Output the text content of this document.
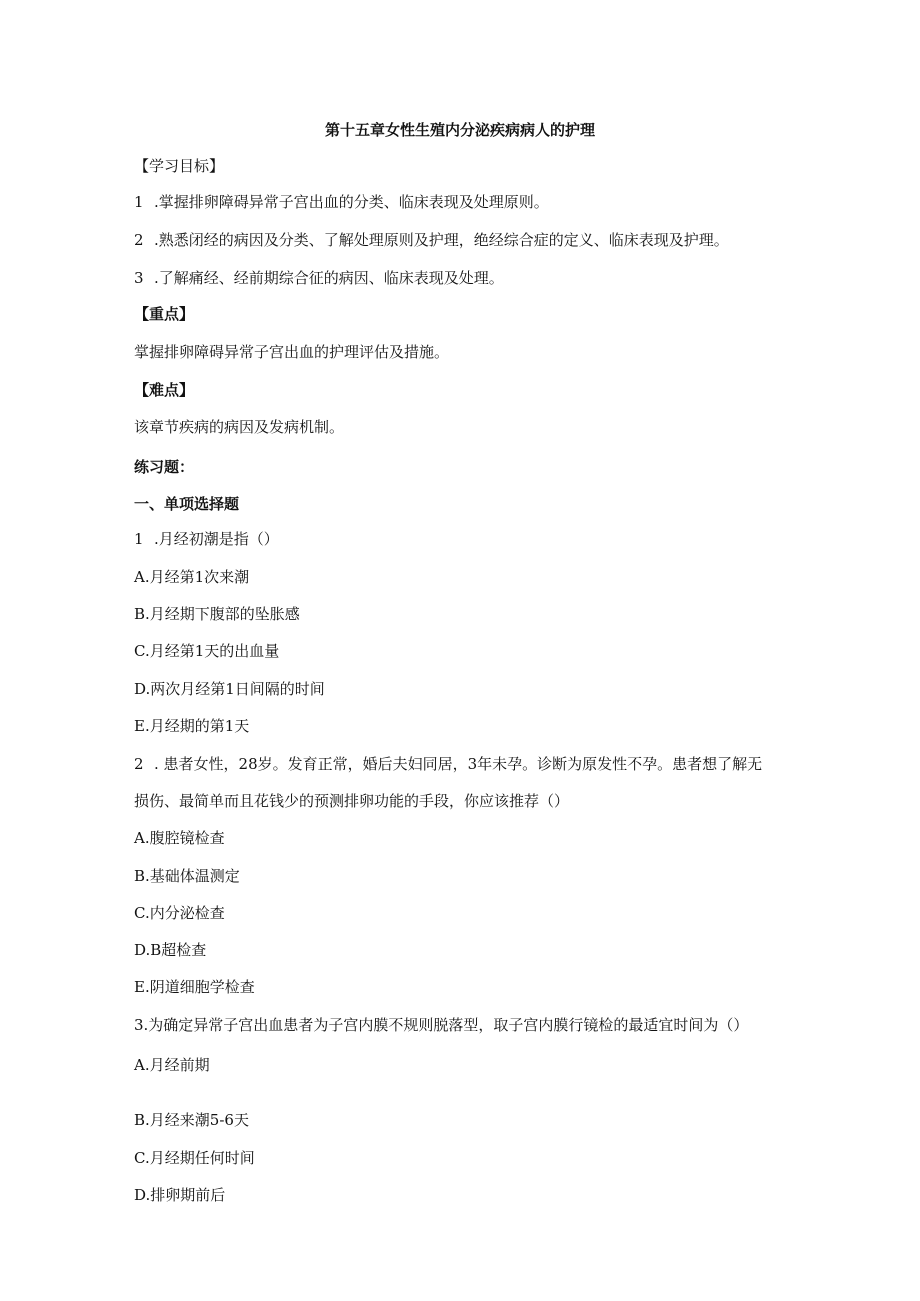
第十五章女性生殖内分泌疾病病人的护理
【学习目标】
1 .掌握排卵障碍异常子宫出血的分类、临床表现及处理原则。
2 .熟悉闭经的病因及分类、了解处理原则及护理，绝经综合症的定义、临床表现及护理。
3 .了解痛经、经前期综合征的病因、临床表现及处理。
【重点】
掌握排卵障碍异常子宫出血的护理评估及措施。
【难点】
该章节疾病的病因及发病机制。
练习题：
一、单项选择题
1 .月经初潮是指（）
A.月经第1次来潮
B.月经期下腹部的坠胀感
C.月经第1天的出血量
D.两次月经第1日间隔的时间
E.月经期的第1天
2 . 患者女性，28岁。发育正常，婚后夫妇同居，3年未孕。诊断为原发性不孕。患者想了解无
损伤、最简单而且花钱少的预测排卵功能的手段，你应该推荐（）
A.腹腔镜检查
B.基础体温测定
C.内分泌检查
D.B超检查
E.阴道细胞学检查
3.为确定异常子宫出血患者为子宫内膜不规则脱落型，取子宫内膜行镜检的最适宜时间为（）
A.月经前期
B.月经来潮5-6天
C.月经期任何时间
D.排卵期前后
